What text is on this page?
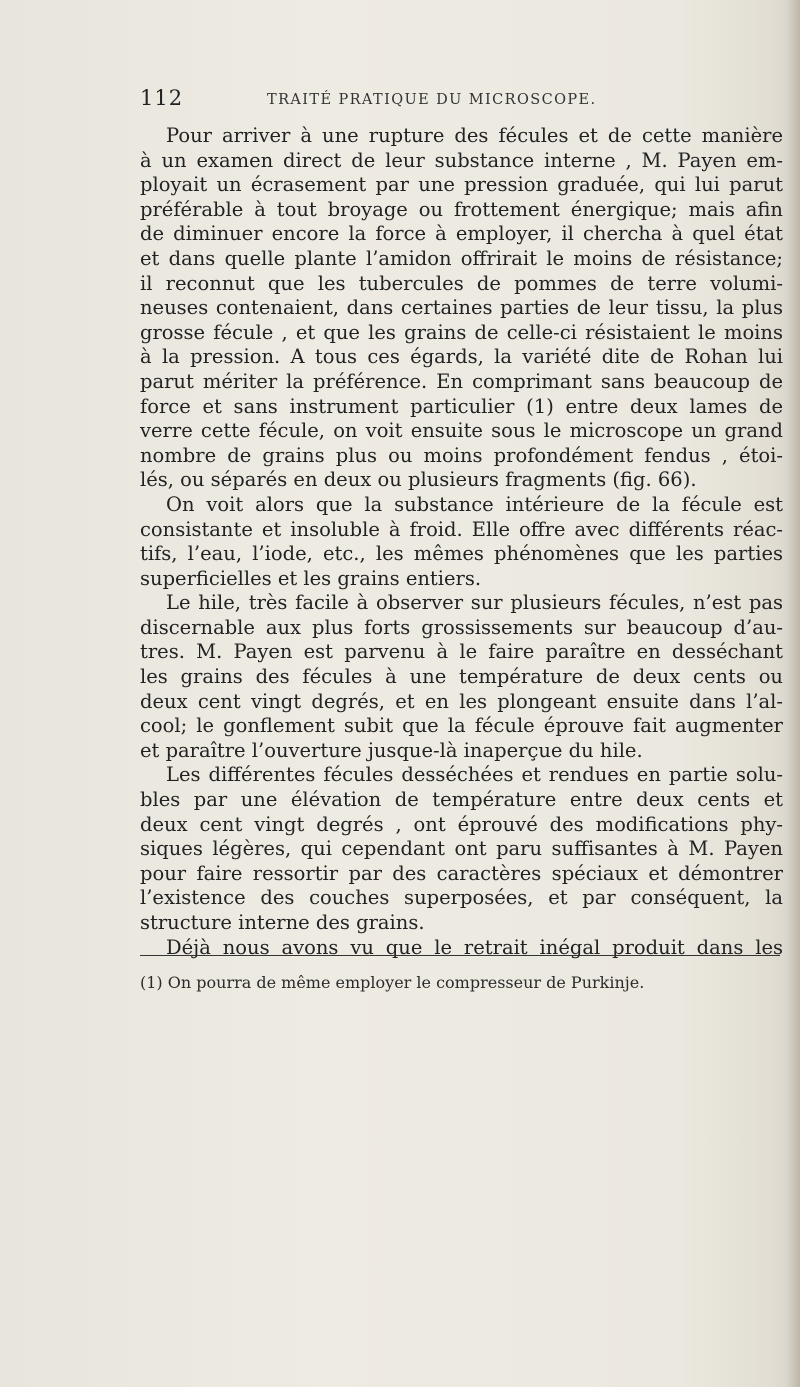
112	TRAITÉ PRATIQUE DU MICROSCOPE.
Pour arriver à une rupture des fécules et de cette manière
à un examen direct de leur substance interne , M. Payen em-
ployait un écrasement par une pression graduée, qui lui parut
préférable à tout broyage ou frottement énergique; mais afin
de diminuer encore la force à employer, il chercha à quel état
et dans quelle plante l’amidon offrirait le moins de résistance;
il reconnut que les tubercules de pommes de terre volumi-
neuses contenaient, dans certaines parties de leur tissu, la plus
grosse fécule , et que les grains de celle-ci résistaient le moins
à la pression. A tous ces égards, la variété dite de Rohan lui
parut mériter la préférence. En comprimant sans beaucoup de
force et sans instrument particulier (1) entre deux lames de
verre cette fécule, on voit ensuite sous le microscope un grand
nombre de grains plus ou moins profondément fendus , étoi-
lés, ou séparés en deux ou plusieurs fragments (fig. 66).
On voit alors que la substance intérieure de la fécule est
consistante et insoluble à froid. Elle offre avec différents réac-
tifs, l’eau, l’iode, etc., les mêmes phénomènes que les parties
superficielles et les grains entiers.
Le hile, très facile à observer sur plusieurs fécules, n’est pas
discernable aux plus forts grossissements sur beaucoup d’au-
tres. M. Payen est parvenu à le faire paraître en desséchant
les grains des fécules à une température de deux cents ou
deux cent vingt degrés, et en les plongeant ensuite dans l’al-
cool; le gonflement subit que la fécule éprouve fait augmenter
et paraître l’ouverture jusque-là inaperçue du hile.
Les différentes fécules desséchées et rendues en partie solu-
bles par une élévation de température entre deux cents et
deux cent vingt degrés , ont éprouvé des modifications phy-
siques légères, qui cependant ont paru suffisantes à M. Payen
pour faire ressortir par des caractères spéciaux et démontrer
l’existence des couches superposées, et par conséquent, la
structure interne des grains.
Déjà nous avons vu que le retrait inégal produit dans les
(1) On pourra de même employer le compresseur de Purkinje.
